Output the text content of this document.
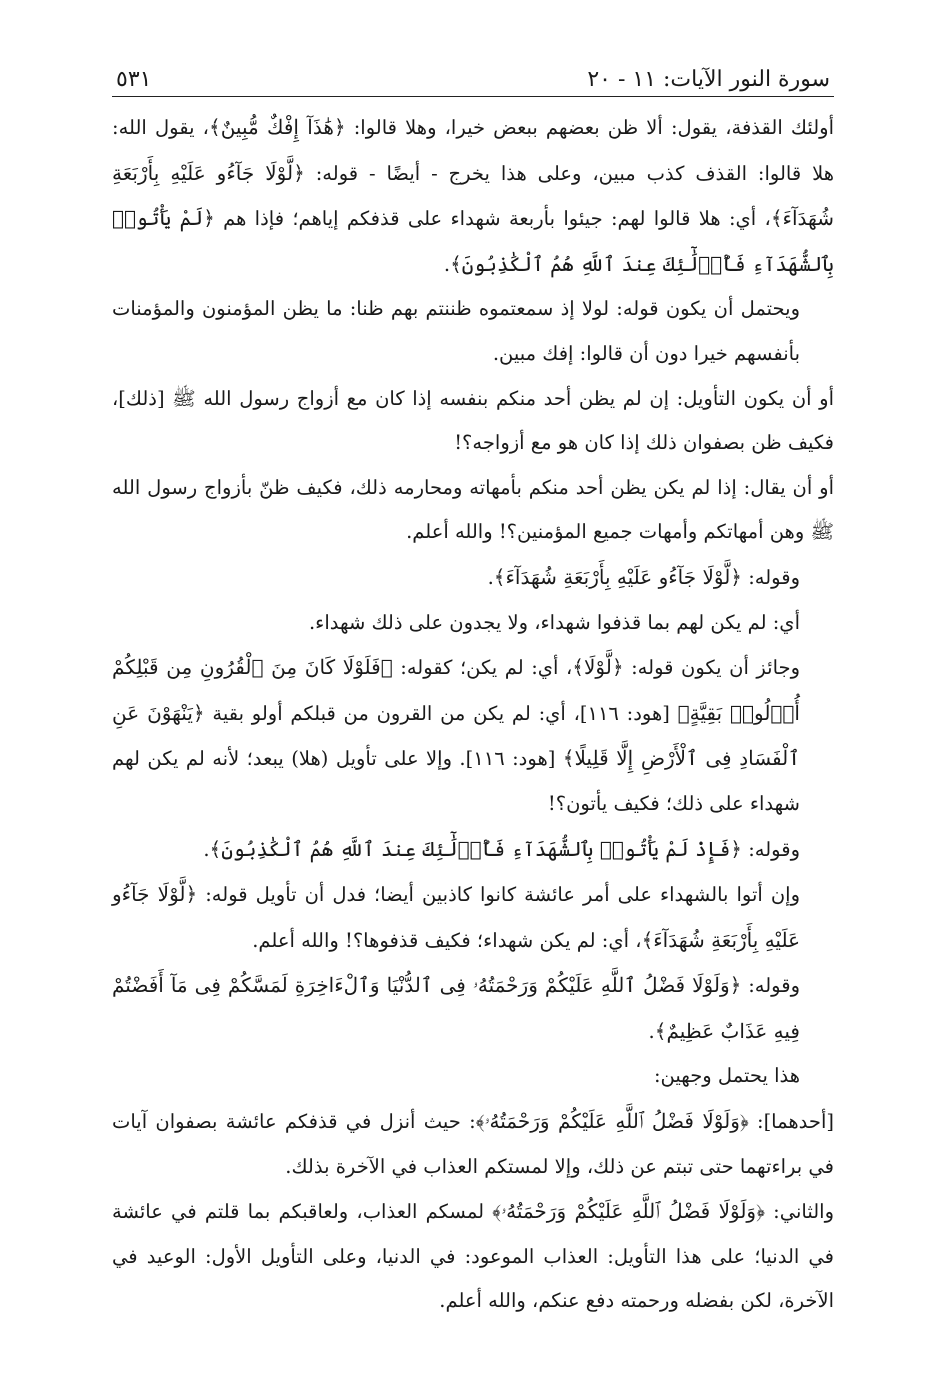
سورة النور الآيات: ١١ - ٢٠
٥٣١

أولئك القذفة، يقول: ألا ظن بعضهم ببعض خيرا، وهلا قالوا: ﴿هَٰذَآ إِفْكٌ مُّبِينٌ﴾، يقول الله: هلا قالوا: القذف كذب مبين، وعلى هذا يخرج - أيضًا - قوله: ﴿لَّوْلَا جَآءُو عَلَيْهِ بِأَرْبَعَةِ شُهَدَآءَ﴾، أي: هلا قالوا لهم: جيئوا بأربعة شهداء على قذفكم إياهم؛ فإذا هم ﴿لَمْ يَأْتُوا۟ بِٱلشُّهَدَآءِ فَأُو۟لَٰٓئِكَ عِندَ ٱللَّهِ هُمُ ٱلْكَٰذِبُونَ﴾.

ويحتمل أن يكون قوله: لولا إذ سمعتموه ظننتم بهم ظنا: ما يظن المؤمنون والمؤمنات بأنفسهم خيرا دون أن قالوا: إفك مبين.

أو أن يكون التأويل: إن لم يظن أحد منكم بنفسه إذا كان مع أزواج رسول الله ﷺ [ذلك]، فكيف ظن بصفوان ذلك إذا كان هو مع أزواجه؟!

أو أن يقال: إذا لم يكن يظن أحد منكم بأمهاته ومحارمه ذلك، فكيف ظنّ بأزواج رسول الله ﷺ وهن أمهاتكم وأمهات جميع المؤمنين؟! والله أعلم.

وقوله: ﴿لَّوْلَا جَآءُو عَلَيْهِ بِأَرْبَعَةِ شُهَدَآءَ﴾.

أي: لم يكن لهم بما قذفوا شهداء، ولا يجدون على ذلك شهداء.

وجائز أن يكون قوله: ﴿لَّوْلَا﴾، أي: لم يكن؛ كقوله: ﴿فَلَوْلَا كَانَ مِنَ ٱلْقُرُونِ مِن قَبْلِكُمْ أُو۟لُوا۟ بَقِيَّةٍ﴾ [هود: ١١٦]، أي: لم يكن من القرون من قبلكم أولو بقية ﴿يَنْهَوْنَ عَنِ ٱلْفَسَادِ فِى ٱلْأَرْضِ إِلَّا قَلِيلًا﴾ [هود: ١١٦]. وإلا على تأويل (هلا) يبعد؛ لأنه لم يكن لهم شهداء على ذلك؛ فكيف يأتون؟!

وقوله: ﴿فَإِذْ لَمْ يَأْتُوا۟ بِٱلشُّهَدَآءِ فَأُو۟لَٰٓئِكَ عِندَ ٱللَّهِ هُمُ ٱلْكَٰذِبُونَ﴾.

وإن أتوا بالشهداء على أمر عائشة كانوا كاذبين أيضا؛ فدل أن تأويل قوله: ﴿لَّوْلَا جَآءُو عَلَيْهِ بِأَرْبَعَةِ شُهَدَآءَ﴾، أي: لم يكن شهداء؛ فكيف قذفوها؟! والله أعلم.

وقوله: ﴿وَلَوْلَا فَضْلُ ٱللَّهِ عَلَيْكُمْ وَرَحْمَتُهُۥ فِى ٱلدُّنْيَا وَٱلْءَاخِرَةِ لَمَسَّكُمْ فِى مَآ أَفَضْتُمْ فِيهِ عَذَابٌ عَظِيمٌ﴾.

هذا يحتمل وجهين:

[أحدهما]: ﴿وَلَوْلَا فَضْلُ ٱللَّهِ عَلَيْكُمْ وَرَحْمَتُهُۥ﴾: حيث أنزل في قذفكم عائشة بصفوان آيات في براءتهما حتى تبتم عن ذلك، وإلا لمستكم العذاب في الآخرة بذلك.

والثاني: ﴿وَلَوْلَا فَضْلُ ٱللَّهِ عَلَيْكُمْ وَرَحْمَتُهُۥ﴾ لمسكم العذاب، ولعاقبكم بما قلتم في عائشة في الدنيا؛ على هذا التأويل: العذاب الموعود: في الدنيا، وعلى التأويل الأول: الوعيد في الآخرة، لكن بفضله ورحمته دفع عنكم، والله أعلم.
